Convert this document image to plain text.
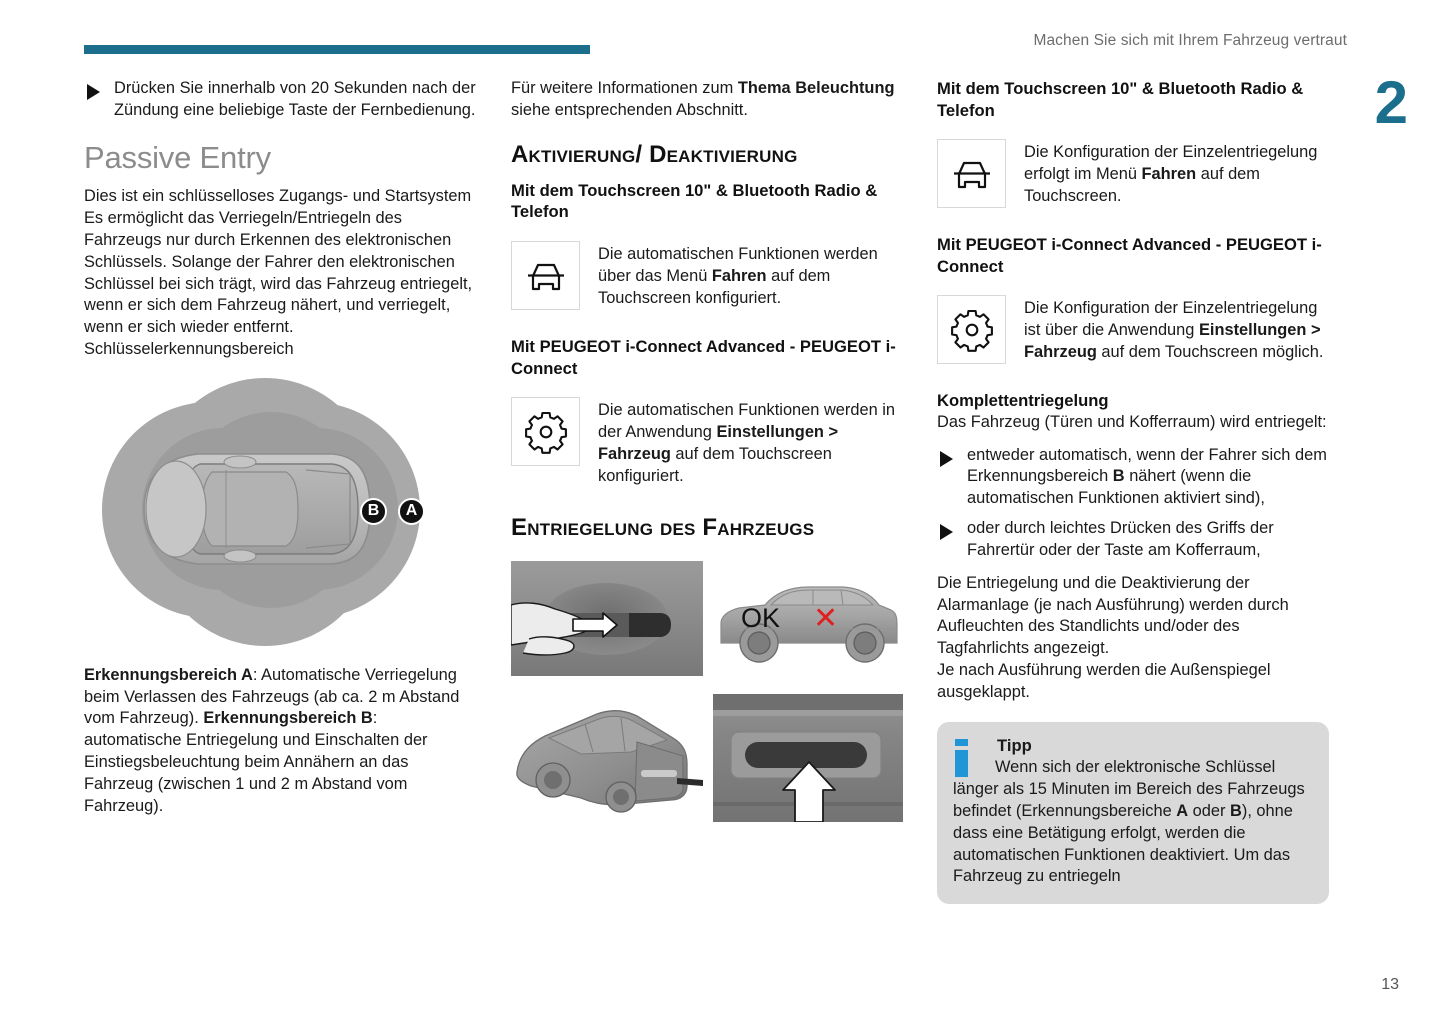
Machen Sie sich mit Ihrem Fahrzeug vertraut
2
13
Drücken Sie innerhalb von 20 Sekunden nach der Zündung eine beliebige Taste der Fernbedienung.
Passive Entry

Dies ist ein schlüsselloses Zugangs- und Startsystem

Es ermöglicht das Verriegeln/Entriegeln des Fahrzeugs nur durch Erkennen des elektronischen Schlüssels. Solange der Fahrer den elektronischen Schlüssel bei sich trägt, wird das Fahrzeug entriegelt, wenn er sich dem Fahrzeug nähert, und verriegelt, wenn er sich wieder entfernt.

Schlüsselerkennungsbereich

B	A

Erkennungsbereich A: Automatische Verriegelung beim Verlassen des Fahrzeugs (ab ca. 2 m Abstand vom Fahrzeug). Erkennungsbereich B: automatische Entriegelung und Einschalten der Einstiegsbeleuchtung beim Annähern an das Fahrzeug (zwischen 1 und 2 m Abstand vom Fahrzeug).

Für weitere Informationen zum Thema Beleuchtung siehe entsprechenden Abschnitt.

Aktivierung/ Deaktivierung
Mit dem Touchscreen 10" & Bluetooth Radio & Telefon
Die automatischen Funktionen werden über das Menü Fahren auf dem Touchscreen konfiguriert.
Mit PEUGEOT i-Connect Advanced - PEUGEOT i-Connect
Die automatischen Funktionen werden in der Anwendung Einstellungen > Fahrzeug auf dem Touchscreen konfiguriert.
Entriegelung des Fahrzeugs
OK ✕
Mit dem Touchscreen 10" & Bluetooth Radio & Telefon
Die Konfiguration der Einzelentriegelung erfolgt im Menü Fahren auf dem Touchscreen.
Mit PEUGEOT i-Connect Advanced - PEUGEOT i-Connect
Die Konfiguration der Einzelentriegelung ist über die Anwendung Einstellungen > Fahrzeug auf dem Touchscreen möglich.
Komplettentriegelung

Das Fahrzeug (Türen und Kofferraum) wird entriegelt:

entweder automatisch, wenn der Fahrer sich dem Erkennungsbereich B nähert (wenn die automatischen Funktionen aktiviert sind),
oder durch leichtes Drücken des Griffs der Fahrertür oder der Taste am Kofferraum,

Die Entriegelung und die Deaktivierung der Alarmanlage (je nach Ausführung) werden durch Aufleuchten des Standlichts und/oder des Tagfahrlichts angezeigt.

Je nach Ausführung werden die Außenspiegel ausgeklappt.

Tipp

Wenn sich der elektronische Schlüssel länger als 15 Minuten im Bereich des Fahrzeugs befindet (Erkennungsbereiche A oder B), ohne dass eine Betätigung erfolgt, werden die automatischen Funktionen deaktiviert. Um das Fahrzeug zu entriegeln
